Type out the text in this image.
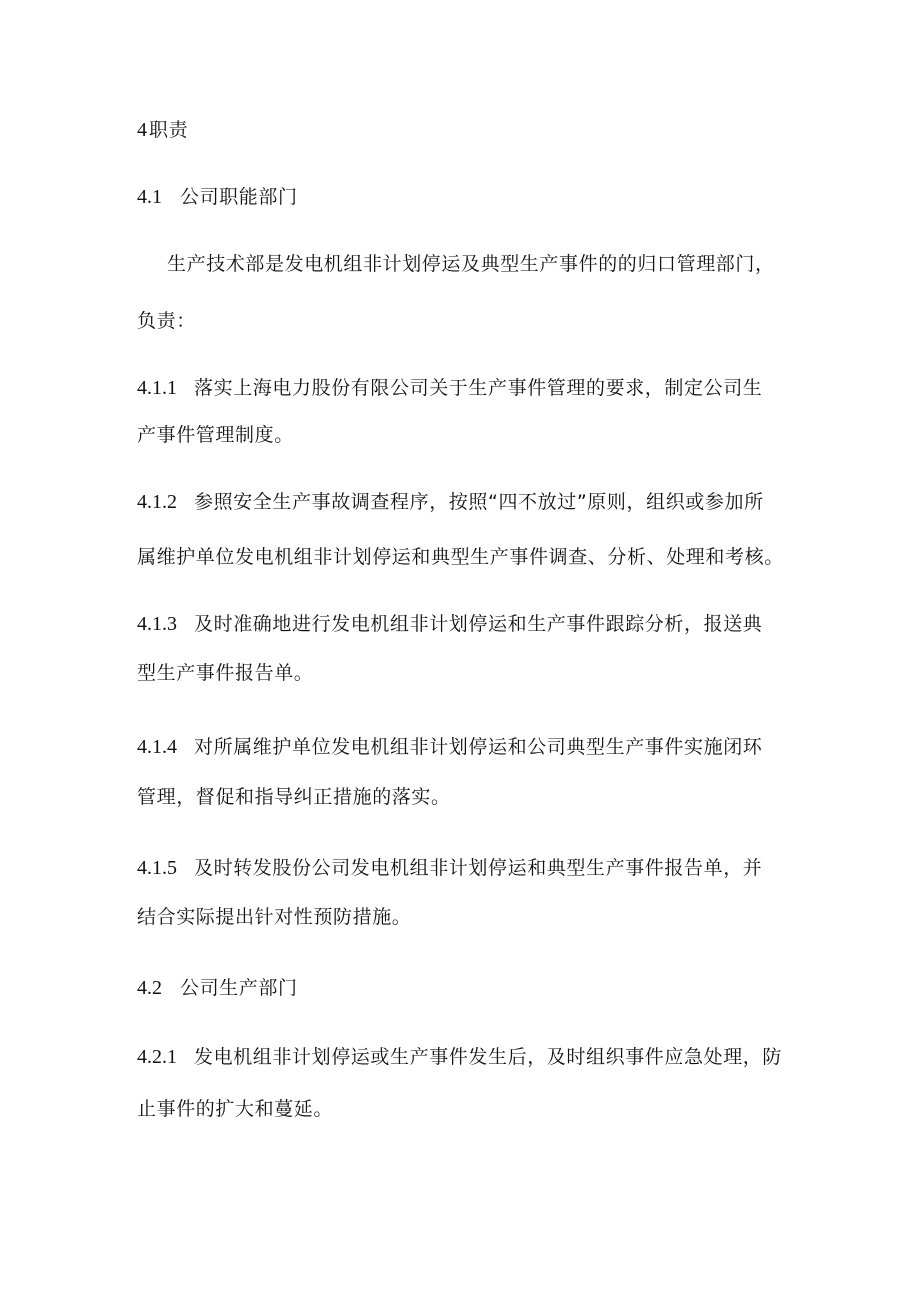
4 职责
4.1 公司职能部门
生产技术部是发电机组非计划停运及典型生产事件的的归口管理部门，
负责：
4.1.1 落实上海电力股份有限公司关于生产事件管理的要求，制定公司生
产事件管理制度。
4.1.2 参照安全生产事故调查程序，按照“四不放过”原则，组织或参加所
属维护单位发电机组非计划停运和典型生产事件调查、分析、处理和考核。
4.1.3 及时准确地进行发电机组非计划停运和生产事件跟踪分析，报送典
型生产事件报告单。
4.1.4 对所属维护单位发电机组非计划停运和公司典型生产事件实施闭环
管理，督促和指导纠正措施的落实。
4.1.5 及时转发股份公司发电机组非计划停运和典型生产事件报告单，并
结合实际提出针对性预防措施。
4.2 公司生产部门
4.2.1 发电机组非计划停运或生产事件发生后，及时组织事件应急处理，防
止事件的扩大和蔓延。
